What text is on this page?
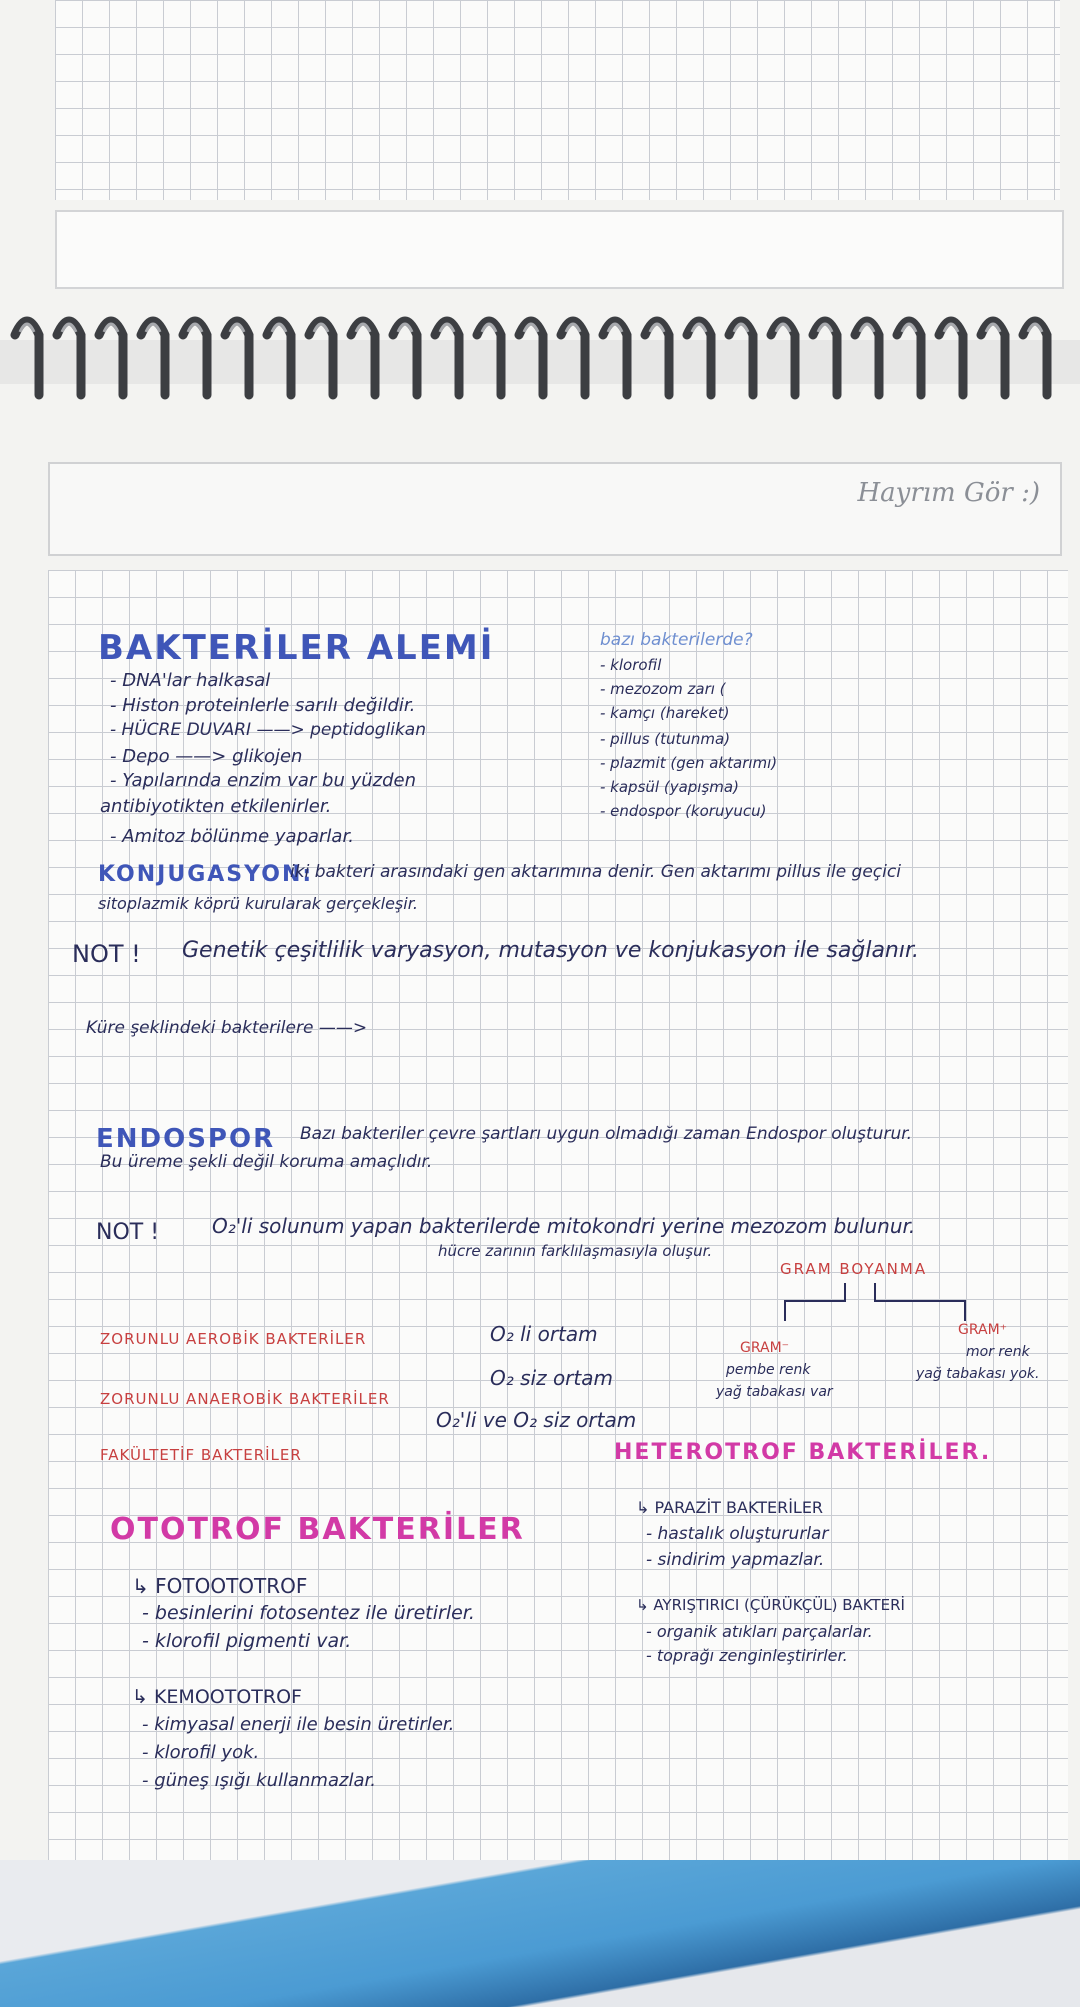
Hayrım Gör :)
BAKTERİLER ALEMİ
- DNA'lar halkasal
- Histon proteinlerle sarılı değildir.
- HÜCRE DUVARI ——> peptidoglikan
- Depo ——> glikojen
- Yapılarında enzim var bu yüzden
antibiyotikten etkilenirler.
- Amitoz bölünme yaparlar.
bazı bakterilerde?
- klorofil
- mezozom zarı (
- kamçı (hareket)
- pillus (tutunma)
- plazmit (gen aktarımı)
- kapsül (yapışma)
- endospor (koruyucu)
KONJUGASYON:
iki bakteri arasındaki gen aktarımına denir. Gen aktarımı pillus ile geçici
sitoplazmik köprü kurularak gerçekleşir.
NOT ! Genetik çeşitlilik varyasyon, mutasyon ve konjukasyon ile sağlanır.
Küre şeklindeki bakterilere ——>
ENDOSPOR Bazı bakteriler çevre şartları uygun olmadığı zaman Endospor oluşturur.
Bu üreme şekli değil koruma amaçlıdır.
NOT !	O₂'li solunum yapan bakterilerde mitokondri yerine mezozom bulunur.
hücre zarının farklılaşmasıyla oluşur.
GRAM BOYANMA
GRAM⁻
pembe renk
yağ tabakası var
GRAM⁺
mor renk
yağ tabakası yok.
ZORUNLU AEROBİK BAKTERİLER	O₂ li ortam
ZORUNLU ANAEROBİK BAKTERİLER
O₂ siz ortam
FAKÜLTETİF BAKTERİLER
O₂'li ve O₂ siz ortam
HETEROTROF BAKTERİLER.
↳ PARAZİT BAKTERİLER
- hastalık oluştururlar
- sindirim yapmazlar.
↳ AYRIŞTIRICI (ÇÜRÜKÇÜL) BAKTERİ
- organik atıkları parçalarlar.
- toprağı zenginleştirirler.
OTOTROF BAKTERİLER
↳ FOTOOTOTROF
- besinlerini fotosentez ile üretirler.
- klorofil pigmenti var.
↳ KEMOOTOTROF
- kimyasal enerji ile besin üretirler.
- klorofil yok.
- güneş ışığı kullanmazlar.
